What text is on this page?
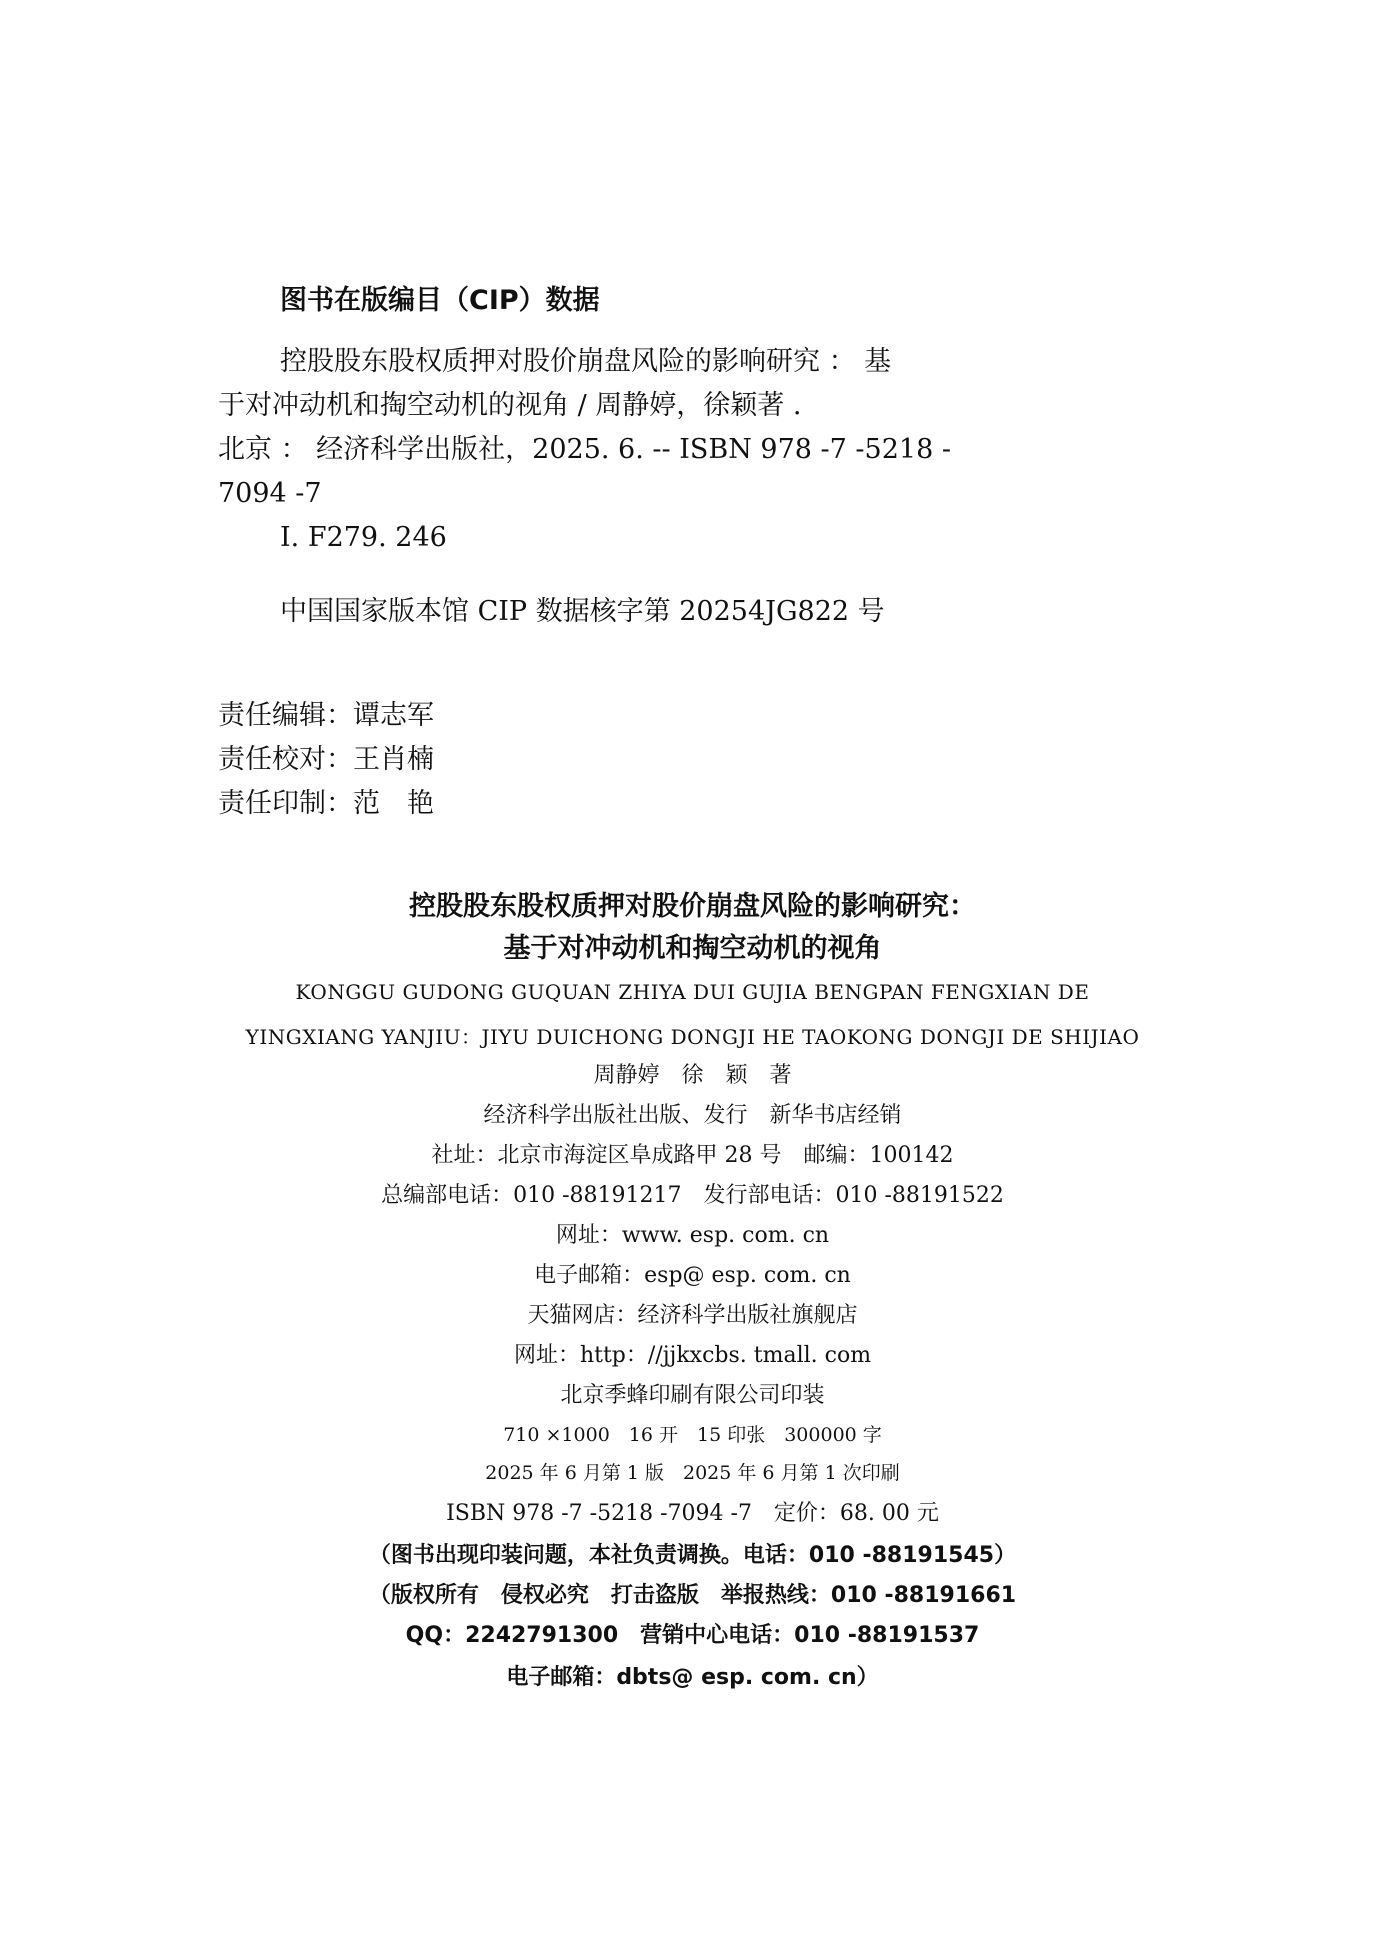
图书在版编目（CIP）数据
控股股东股权质押对股价崩盘风险的影响研究 ： 基
于对冲动机和掏空动机的视角 / 周静婷，徐颖著 .
北京 ： 经济科学出版社，2025. 6. -- ISBN 978 -7 -5218 -
7094 -7
Ⅰ. F279. 246
中国国家版本馆 CIP 数据核字第 20254JG822 号
责任编辑：谭志军
责任校对：王肖楠
责任印制：范　艳
控股股东股权质押对股价崩盘风险的影响研究：
基于对冲动机和掏空动机的视角
KONGGU GUDONG GUQUAN ZHIYA DUI GUJIA BENGPAN FENGXIAN DE
YINGXIANG YANJIU：JIYU DUICHONG DONGJI HE TAOKONG DONGJI DE SHIJIAO
周静婷　徐　颖　著
经济科学出版社出版、发行　新华书店经销
社址：北京市海淀区阜成路甲 28 号　邮编：100142
总编部电话：010 -88191217　发行部电话：010 -88191522
网址：www. esp. com. cn
电子邮箱：esp@ esp. com. cn
天猫网店：经济科学出版社旗舰店
网址：http：//jjkxcbs. tmall. com
北京季蜂印刷有限公司印装
710 ×1000　16 开　15 印张　300000 字
2025 年 6 月第 1 版　2025 年 6 月第 1 次印刷
ISBN 978 -7 -5218 -7094 -7　定价：68. 00 元
（图书出现印装问题，本社负责调换。电话：010 -88191545）
（版权所有　侵权必究　打击盗版　举报热线：010 -88191661
QQ：2242791300　营销中心电话：010 -88191537
电子邮箱：dbts@ esp. com. cn）
